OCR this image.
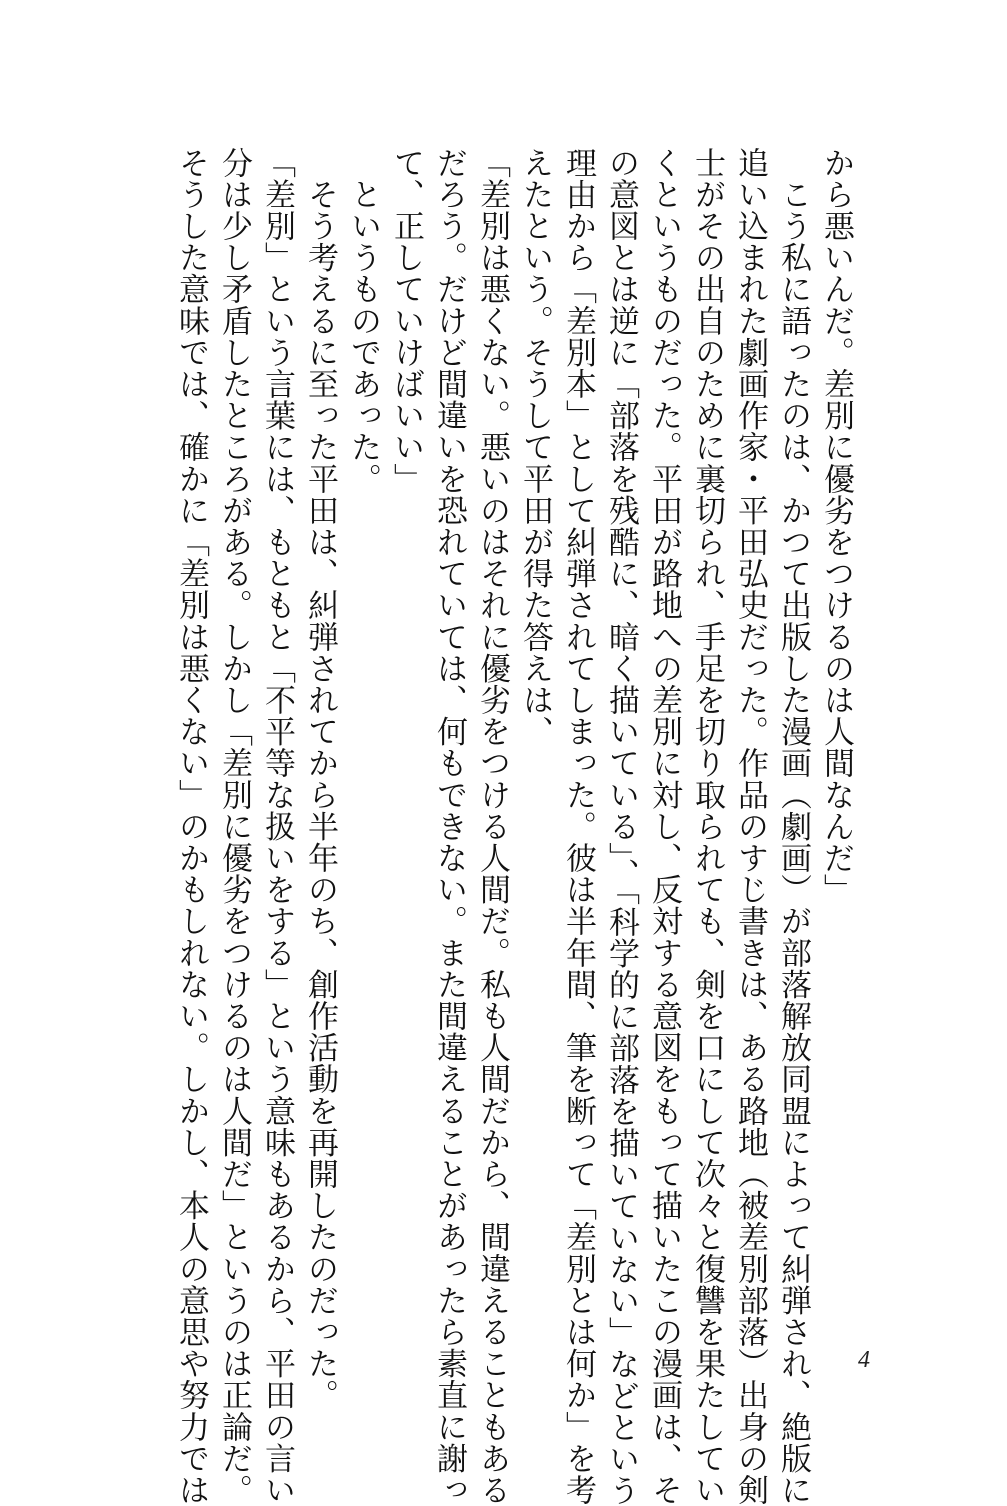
から悪いんだ。差別に優劣をつけるのは人間なんだ」
　こう私に語ったのは、かつて出版した漫画（劇画）が部落解放同盟によって糾弾され、絶版に
追い込まれた劇画作家・平田弘史だった。作品のすじ書きは、ある路地（被差別部落）出身の剣
士がその出自のために裏切られ、手足を切り取られても、剣を口にして次々と復讐を果たしてい
くというものだった。平田が路地への差別に対し、反対する意図をもって描いたこの漫画は、そ
の意図とは逆に「部落を残酷に、暗く描いている」、「科学的に部落を描いていない」などという
理由から「差別本」として糾弾されてしまった。彼は半年間、筆を断って「差別とは何か」を考
えたという。そうして平田が得た答えは、
「差別は悪くない。悪いのはそれに優劣をつける人間だ。私も人間だから、間違えることもある
だろう。だけど間違いを恐れていては、何もできない。また間違えることがあったら素直に謝っ
て、正していけばいい」
　というものであった。
　そう考えるに至った平田は、糾弾されてから半年のち、創作活動を再開したのだった。
「差別」という言葉には、もともと「不平等な扱いをする」という意味もあるから、平田の言い
分は少し矛盾したところがある。しかし「差別に優劣をつけるのは人間だ」というのは正論だ。
そうした意味では、確かに「差別は悪くない」のかもしれない。しかし、本人の意思や努力では	4
